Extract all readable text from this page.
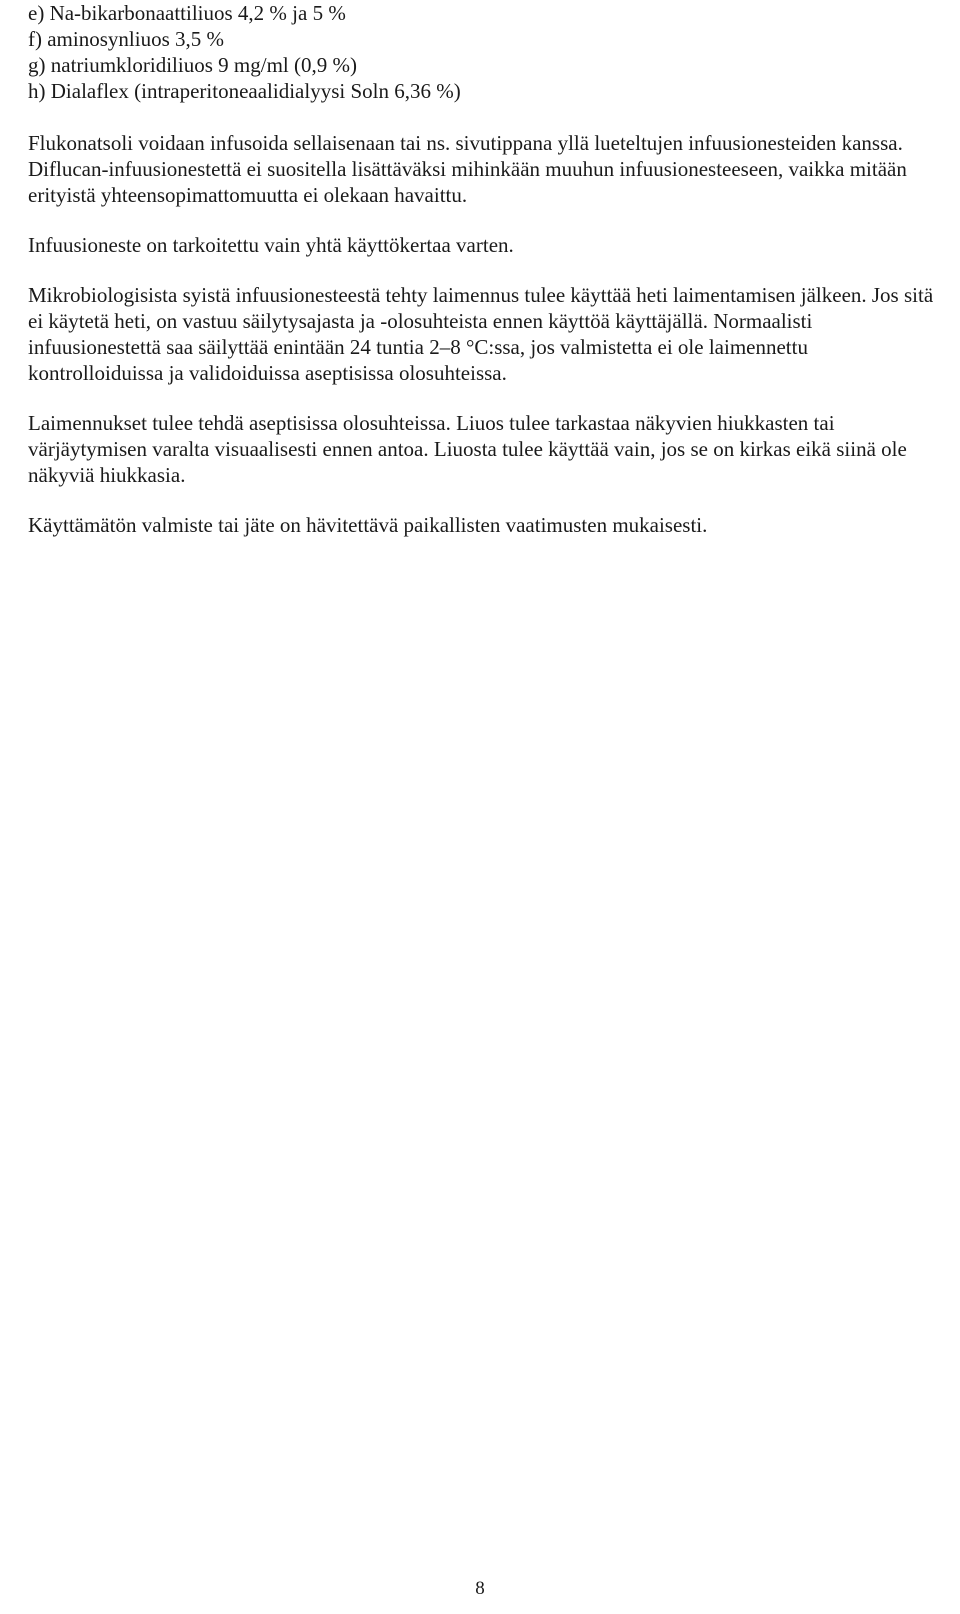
e) Na-bikarbonaattiliuos 4,2 % ja 5 %
f) aminosynliuos 3,5 %
g) natriumkloridiliuos 9 mg/ml (0,9 %)
h) Dialaflex (intraperitoneaalidialyysi Soln 6,36 %)

Flukonatsoli voidaan infusoida sellaisenaan tai ns. sivutippana yllä lueteltujen infuusionesteiden kanssa. Diflucan-infuusionestettä ei suositella lisättäväksi mihinkään muuhun infuusionesteeseen, vaikka mitään erityistä yhteensopimattomuutta ei olekaan havaittu.

Infuusioneste on tarkoitettu vain yhtä käyttökertaa varten.

Mikrobiologisista syistä infuusionesteestä tehty laimennus tulee käyttää heti laimentamisen jälkeen. Jos sitä ei käytetä heti, on vastuu säilytysajasta ja -olosuhteista ennen käyttöä käyttäjällä. Normaalisti infuusionestettä saa säilyttää enintään 24 tuntia 2–8 °C:ssa, jos valmistetta ei ole laimennettu kontrolloiduissa ja validoiduissa aseptisissa olosuhteissa.

Laimennukset tulee tehdä aseptisissa olosuhteissa. Liuos tulee tarkastaa näkyvien hiukkasten tai värjäytymisen varalta visuaalisesti ennen antoa. Liuosta tulee käyttää vain, jos se on kirkas eikä siinä ole näkyviä hiukkasia.

Käyttämätön valmiste tai jäte on hävitettävä paikallisten vaatimusten mukaisesti.

8
